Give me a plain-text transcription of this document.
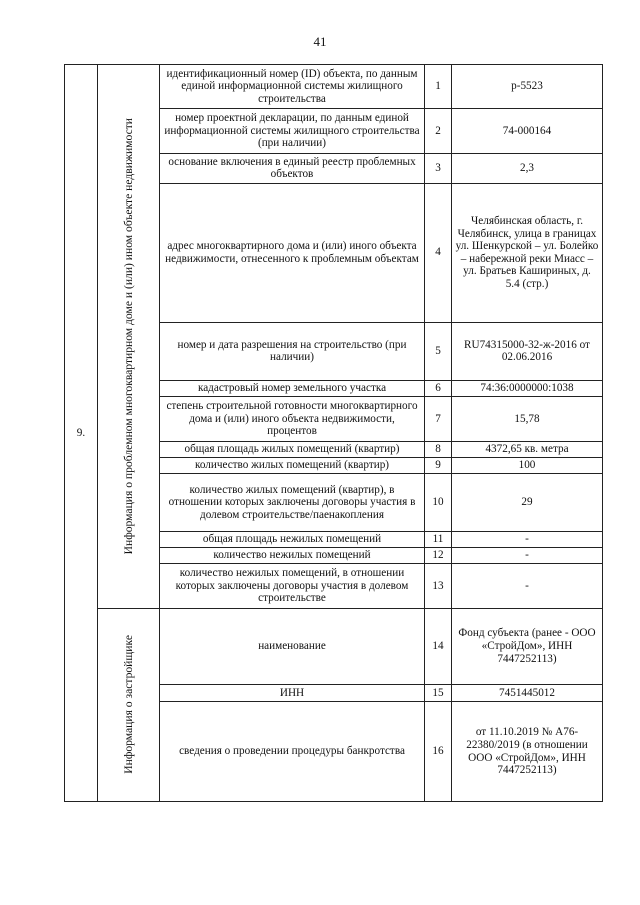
41
9.	Информация о проблемном многоквартирном доме и (или) ином объекте недвижимости	идентификационный номер (ID) объекта, по данным единой информационной системы жилищного строительства	1	р-5523
		номер проектной декларации, по данным единой информационной системы жилищного строительства (при наличии)	2	74-000164
		основание включения в единый реестр проблемных объектов	3	2,3
		адрес многоквартирного дома и (или) иного объекта недвижимости, отнесенного к проблемным объектам	4	Челябинская область, г. Челябинск, улица в границах ул. Шенкурской – ул. Болейко – набережной реки Миасс – ул. Братьев Кашириных, д. 5.4 (стр.)
		номер и дата разрешения на строительство (при наличии)	5	RU74315000-32-ж-2016 от 02.06.2016
		кадастровый номер земельного участка	6	74:36:0000000:1038
		степень строительной готовности многоквартирного дома и (или) иного объекта недвижимости, процентов	7	15,78
		общая площадь жилых помещений (квартир)	8	4372,65 кв. метра
		количество жилых помещений (квартир)	9	100
		количество жилых помещений (квартир), в отношении которых заключены договоры участия в долевом строительстве/паенакопления	10	29
		общая площадь нежилых помещений	11	-
		количество нежилых помещений	12	-
		количество нежилых помещений, в отношении которых заключены договоры участия в долевом строительстве	13	-

	Информация о застройщике	наименование	14	Фонд субъекта (ранее - ООО «СтройДом», ИНН 7447252113)
		ИНН	15	7451445012
		сведения о проведении процедуры банкротства	16	от 11.10.2019 № А76-22380/2019 (в отношении ООО «СтройДом», ИНН 7447252113)
